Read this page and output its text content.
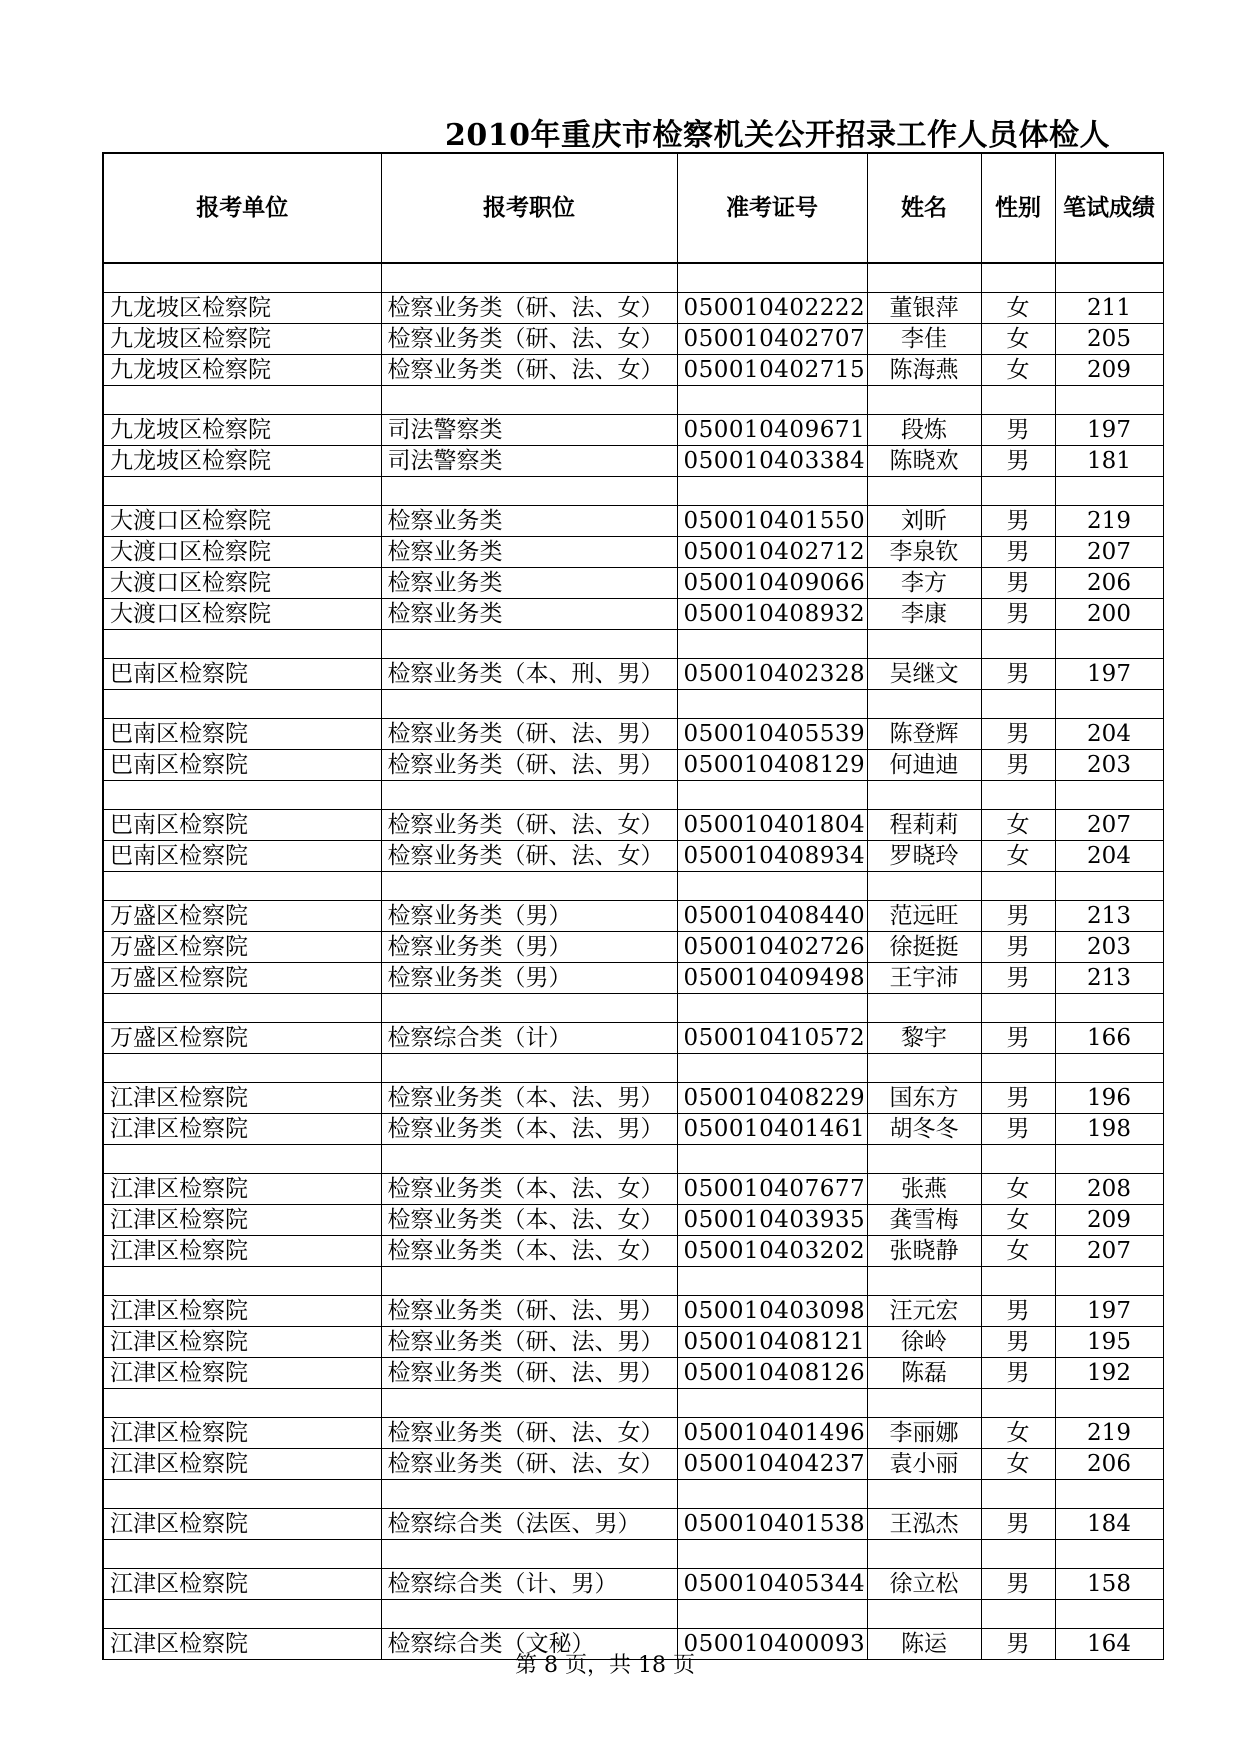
2010年重庆市检察机关公开招录工作人员体检人
报考单位	报考职位	准考证号	姓名	性别	笔试成绩

九龙坡区检察院	检察业务类（研、法、女）	050010402222	董银萍	女	211
九龙坡区检察院	检察业务类（研、法、女）	050010402707	李佳	女	205
九龙坡区检察院	检察业务类（研、法、女）	050010402715	陈海燕	女	209

九龙坡区检察院	司法警察类	050010409671	段炼	男	197
九龙坡区检察院	司法警察类	050010403384	陈晓欢	男	181

大渡口区检察院	检察业务类	050010401550	刘昕	男	219
大渡口区检察院	检察业务类	050010402712	李泉钦	男	207
大渡口区检察院	检察业务类	050010409066	李方	男	206
大渡口区检察院	检察业务类	050010408932	李康	男	200

巴南区检察院	检察业务类（本、刑、男）	050010402328	吴继文	男	197

巴南区检察院	检察业务类（研、法、男）	050010405539	陈登辉	男	204
巴南区检察院	检察业务类（研、法、男）	050010408129	何迪迪	男	203

巴南区检察院	检察业务类（研、法、女）	050010401804	程莉莉	女	207
巴南区检察院	检察业务类（研、法、女）	050010408934	罗晓玲	女	204

万盛区检察院	检察业务类（男）	050010408440	范远旺	男	213
万盛区检察院	检察业务类（男）	050010402726	徐挺挺	男	203
万盛区检察院	检察业务类（男）	050010409498	王宇沛	男	213

万盛区检察院	检察综合类（计）	050010410572	黎宇	男	166

江津区检察院	检察业务类（本、法、男）	050010408229	国东方	男	196
江津区检察院	检察业务类（本、法、男）	050010401461	胡冬冬	男	198

江津区检察院	检察业务类（本、法、女）	050010407677	张燕	女	208
江津区检察院	检察业务类（本、法、女）	050010403935	龚雪梅	女	209
江津区检察院	检察业务类（本、法、女）	050010403202	张晓静	女	207

江津区检察院	检察业务类（研、法、男）	050010403098	汪元宏	男	197
江津区检察院	检察业务类（研、法、男）	050010408121	徐岭	男	195
江津区检察院	检察业务类（研、法、男）	050010408126	陈磊	男	192

江津区检察院	检察业务类（研、法、女）	050010401496	李丽娜	女	219
江津区检察院	检察业务类（研、法、女）	050010404237	袁小丽	女	206

江津区检察院	检察综合类（法医、男）	050010401538	王泓杰	男	184

江津区检察院	检察综合类（计、男）	050010405344	徐立松	男	158

江津区检察院	检察综合类（文秘）	050010400093	陈运	男	164
第 8 页，共 18 页
